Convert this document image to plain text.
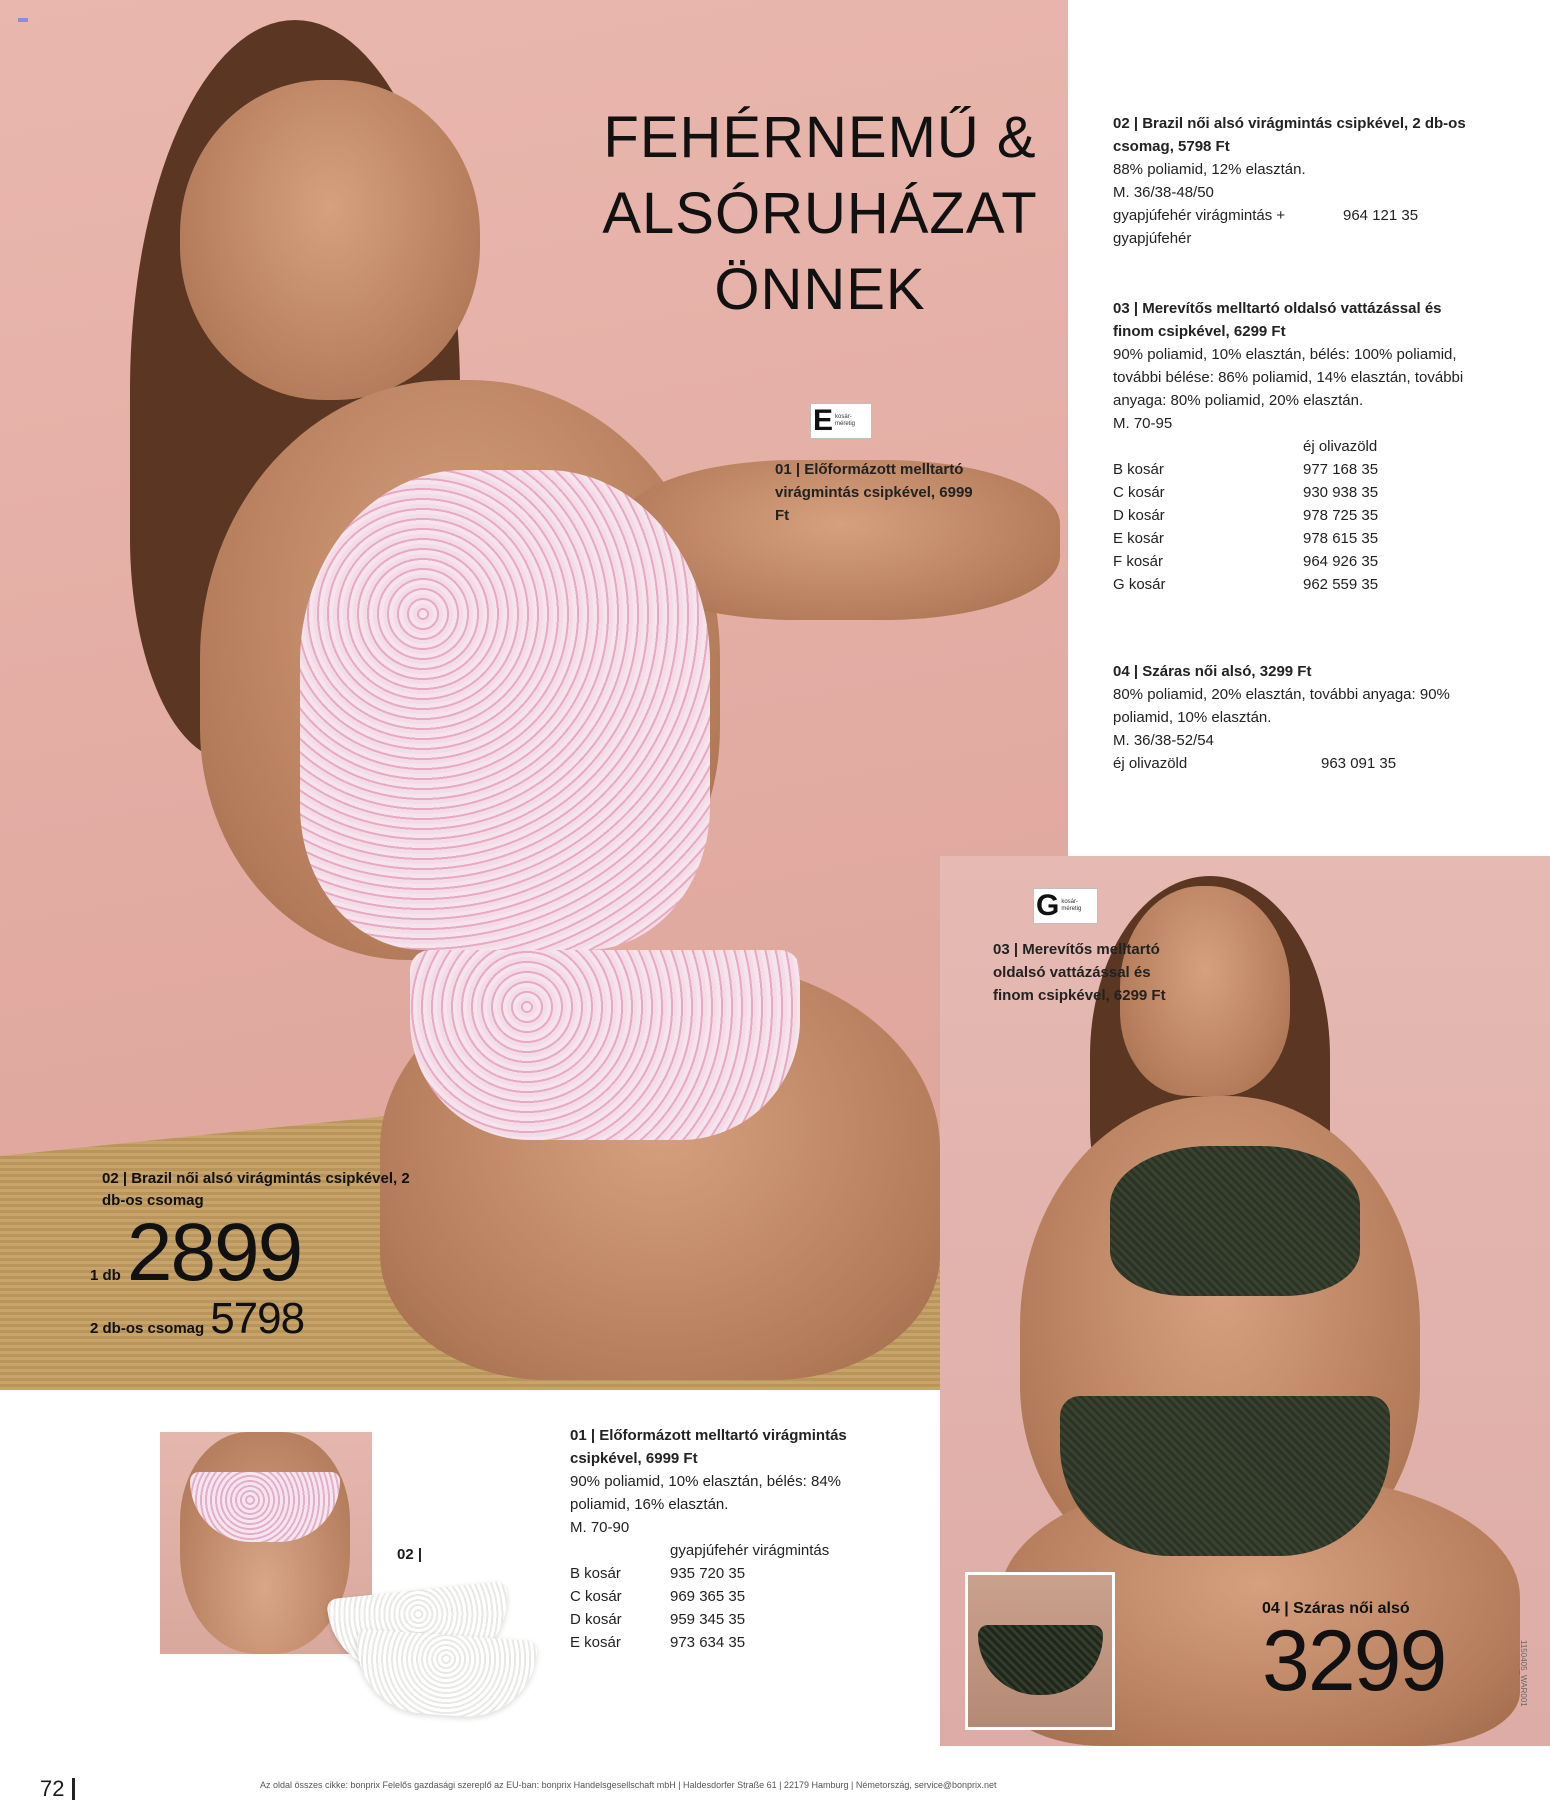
FEHÉRNEMŰ &
ALSÓRUHÁZAT
ÖNNEK
E kosár-méretig
01 | Előformázott melltartó virágmintás csipkével, 6999 Ft
02 | Brazil női alsó virágmintás csipkével, 2 db-os csomag, 5798 Ft
88% poliamid, 12% elasztán.
M. 36/38-48/50
gyapjúfehér virágmintás + gyapjúfehér
964 121 35
03 | Merevítős melltartó oldalsó vattázással és finom csipkével, 6299 Ft
90% poliamid, 10% elasztán, bélés: 100% poliamid, további bélése: 86% poliamid, 14% elasztán, további anyaga: 80% poliamid, 20% elasztán.
M. 70-95
éj olivazöld
B kosár	977 168 35
C kosár	930 938 35
D kosár	978 725 35
E kosár	978 615 35
F kosár	964 926 35
G kosár	962 559 35
04 | Száras női alsó, 3299 Ft
80% poliamid, 20% elasztán, további anyaga: 90% poliamid, 10% elasztán.
M. 36/38-52/54
éj olivazöld	963 091 35
02 | Brazil női alsó virágmintás csipkével, 2 db-os csomag
1 db 2899
2 db-os csomag 5798
G kosár-méretig
03 | Merevítős melltartó oldalsó vattázással és finom csipkével, 6299 Ft
04 | Száras női alsó
3299
02 |
01 | Előformázott melltartó virágmintás csipkével, 6999 Ft
90% poliamid, 10% elasztán, bélés: 84% poliamid, 16% elasztán.
M. 70-90
gyapjúfehér virágmintás
B kosár	935 720 35
C kosár	969 365 35
D kosár	959 345 35
E kosár	973 634 35
72	Az oldal összes cikke: bonprix Felelős gazdasági szereplő az EU-ban: bonprix Handelsgesellschaft mbH | Haldesdorfer Straße 61 | 22179 Hamburg | Németország, service@bonprix.net
1150405_WAR001
